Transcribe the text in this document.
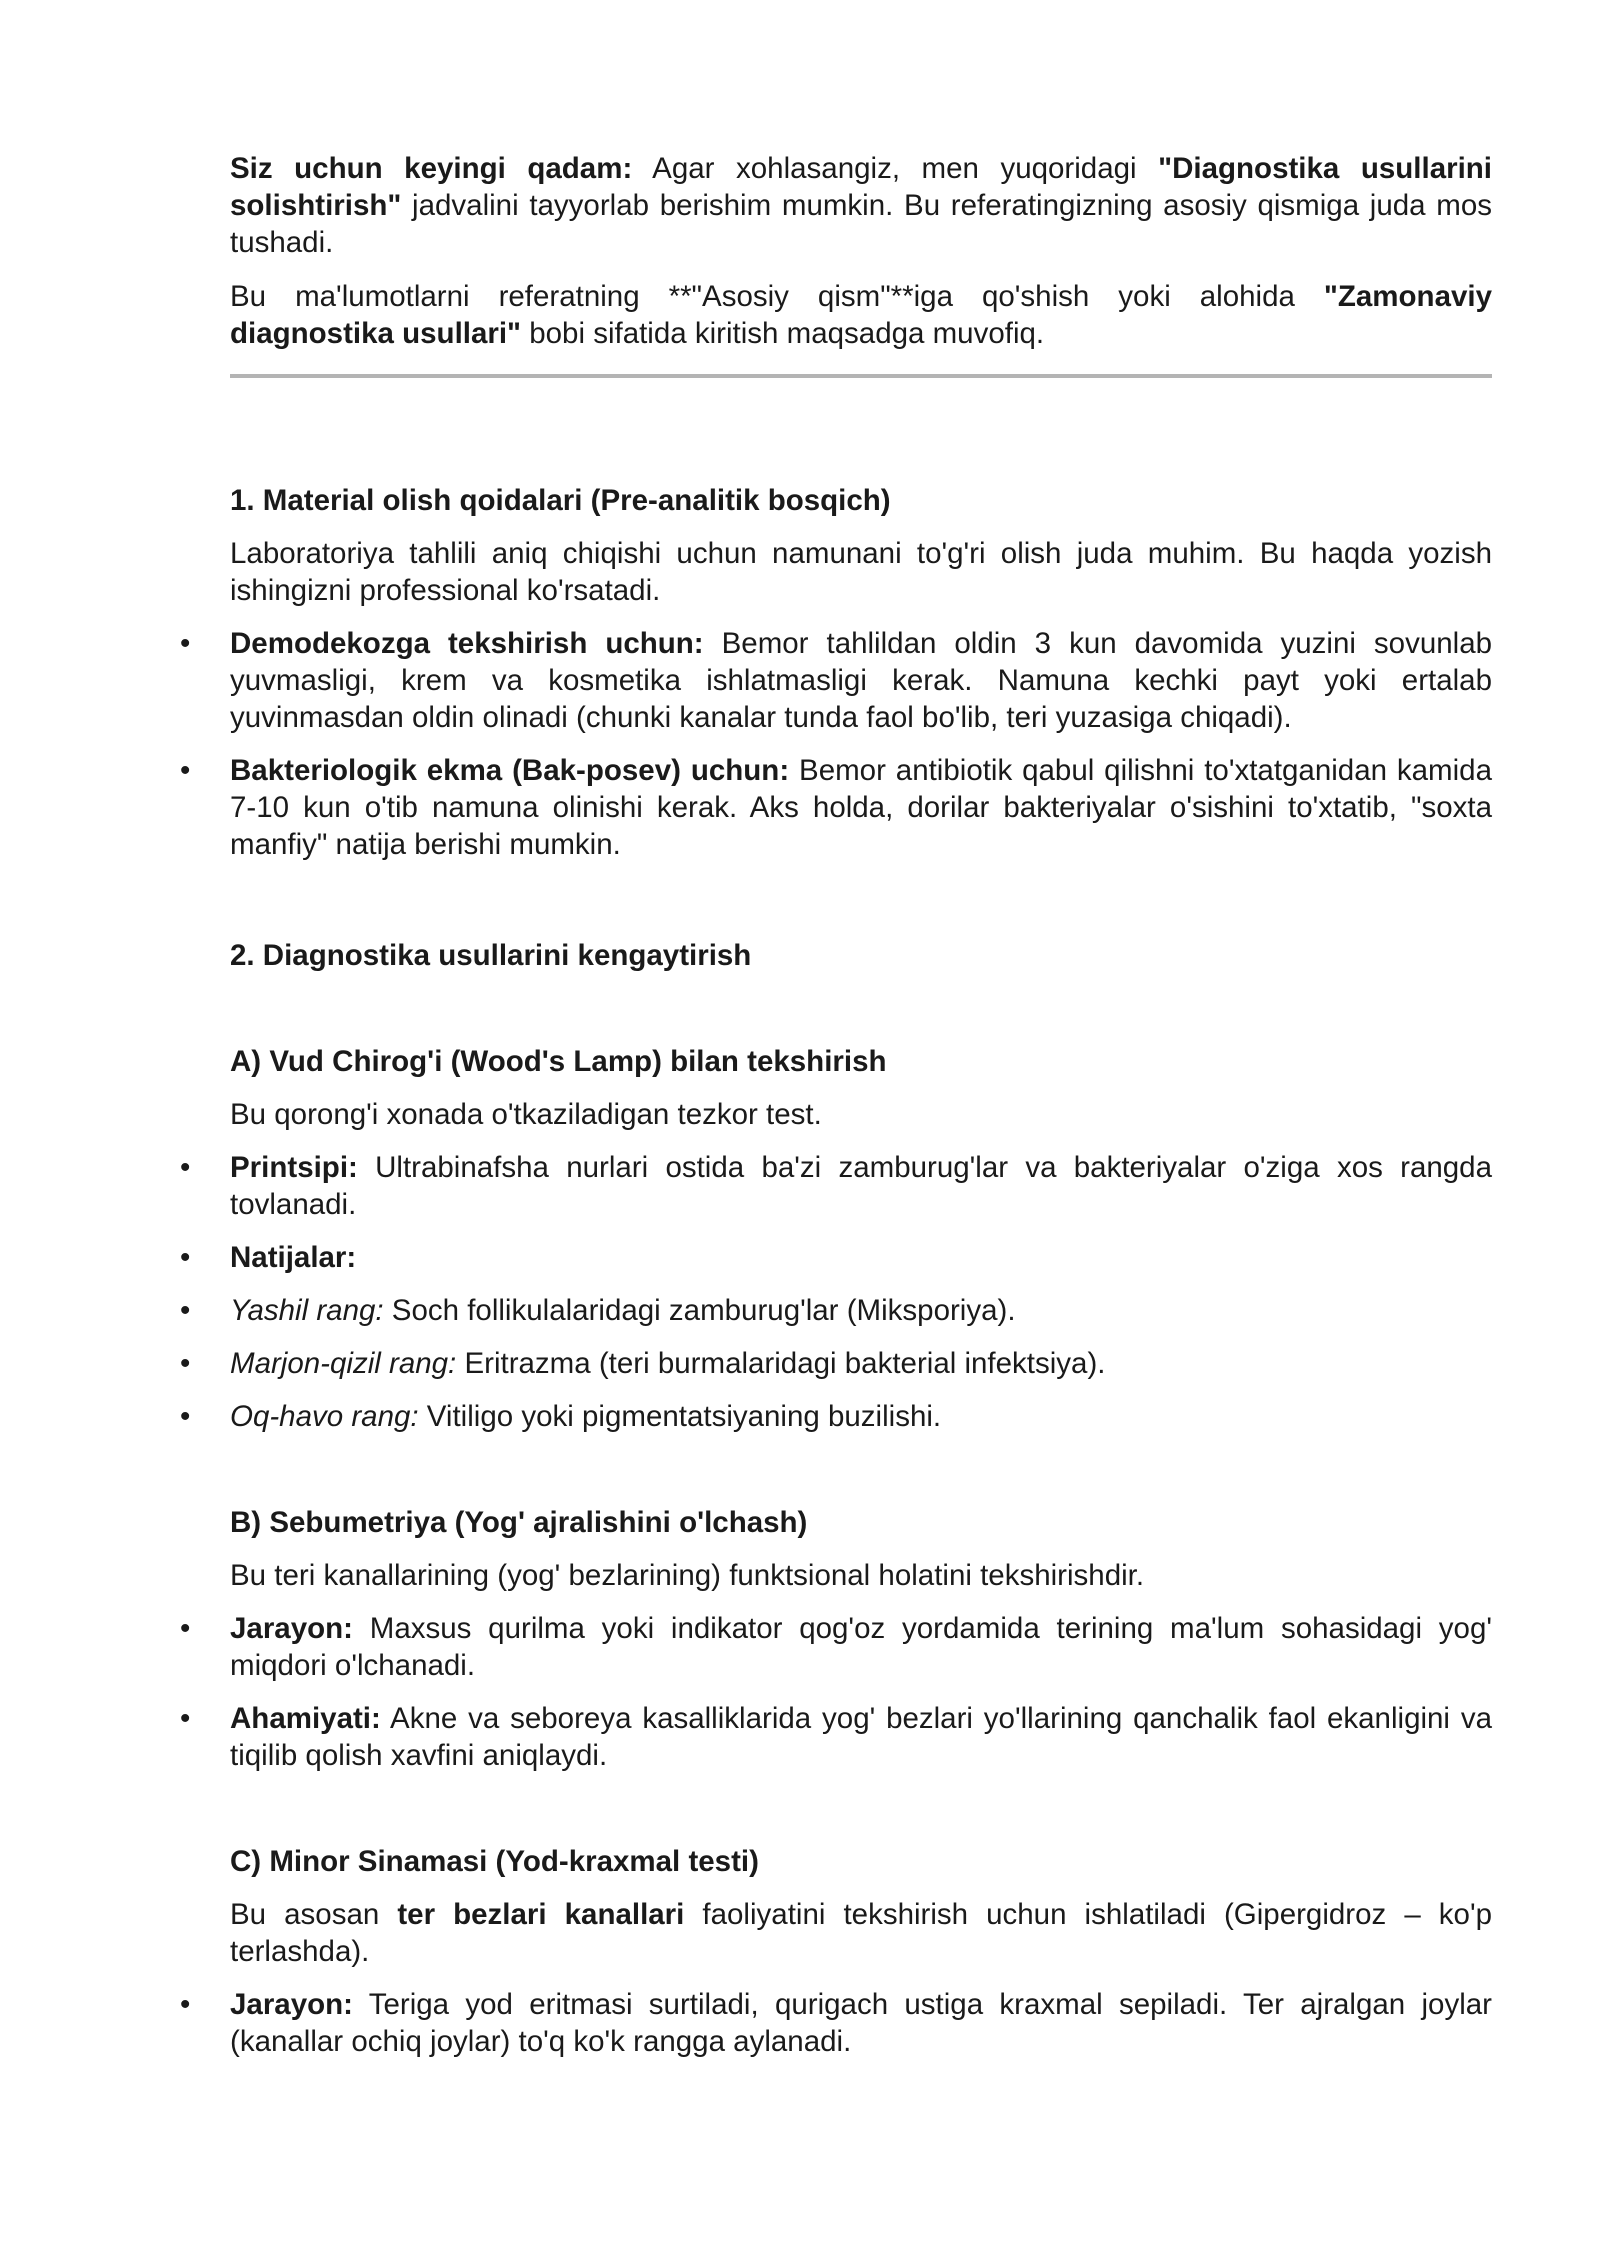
Siz uchun keyingi qadam: Agar xohlasangiz, men yuqoridagi "Diagnostika usullarini solishtirish" jadvalini tayyorlab berishim mumkin. Bu referatingizning asosiy qismiga juda mos tushadi.

Bu ma'lumotlarni referatning **"Asosiy qism"**iga qo'shish yoki alohida "Zamonaviy diagnostika usullari" bobi sifatida kiritish maqsadga muvofiq.

1. Material olish qoidalari (Pre-analitik bosqich)

Laboratoriya tahlili aniq chiqishi uchun namunani to'g'ri olish juda muhim. Bu haqda yozish ishingizni professional ko'rsatadi.

• Demodekozga tekshirish uchun: Bemor tahlildan oldin 3 kun davomida yuzini sovunlab yuvmasligi, krem va kosmetika ishlatmasligi kerak. Namuna kechki payt yoki ertalab yuvinmasdan oldin olinadi (chunki kanalar tunda faol bo'lib, teri yuzasiga chiqadi).
• Bakteriologik ekma (Bak-posev) uchun: Bemor antibiotik qabul qilishni to'xtatganidan kamida 7-10 kun o'tib namuna olinishi kerak. Aks holda, dorilar bakteriyalar o'sishini to'xtatib, "soxta manfiy" natija berishi mumkin.
2. Diagnostika usullarini kengaytirish
A) Vud Chirog'i (Wood's Lamp) bilan tekshirish

Bu qorong'i xonada o'tkaziladigan tezkor test.

• Printsipi: Ultrabinafsha nurlari ostida ba'zi zamburug'lar va bakteriyalar o'ziga xos rangda tovlanadi.
• Natijalar:
• Yashil rang: Soch follikulalaridagi zamburug'lar (Miksporiya).
• Marjon-qizil rang: Eritrazma (teri burmalaridagi bakterial infektsiya).
• Oq-havo rang: Vitiligo yoki pigmentatsiyaning buzilishi.
B) Sebumetriya (Yog' ajralishini o'lchash)

Bu teri kanallarining (yog' bezlarining) funktsional holatini tekshirishdir.

• Jarayon: Maxsus qurilma yoki indikator qog'oz yordamida terining ma'lum sohasidagi yog' miqdori o'lchanadi.
• Ahamiyati: Akne va seboreya kasalliklarida yog' bezlari yo'llarining qanchalik faol ekanligini va tiqilib qolish xavfini aniqlaydi.
C) Minor Sinamasi (Yod-kraxmal testi)

Bu asosan ter bezlari kanallari faoliyatini tekshirish uchun ishlatiladi (Gipergidroz – ko'p terlashda).

• Jarayon: Teriga yod eritmasi surtiladi, qurigach ustiga kraxmal sepiladi. Ter ajralgan joylar (kanallar ochiq joylar) to'q ko'k rangga aylanadi.
